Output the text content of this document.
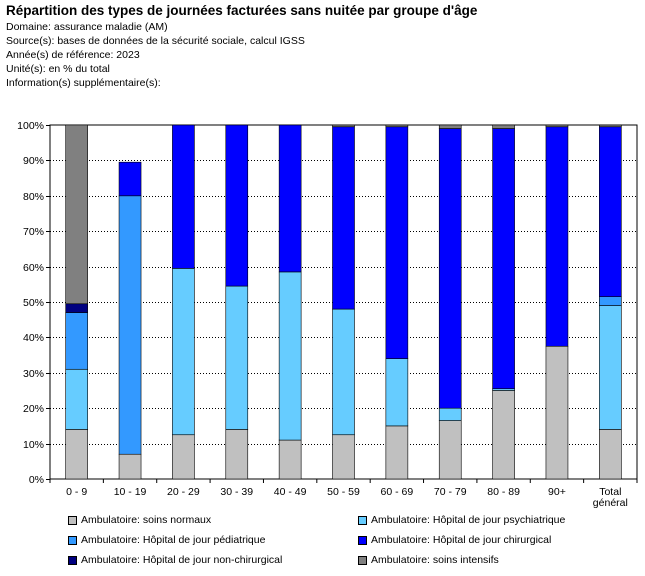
Répartition des types de journées facturées sans nuitée par groupe d'âge
Domaine: assurance maladie (AM)
Source(s): bases de données de la sécurité sociale, calcul IGSS
Année(s) de référence: 2023
Unité(s): en % du total
Information(s) supplémentaire(s):
0%
10%
20%
30%
40%
50%
60%
70%
80%
90%
100%
0 - 9	10 - 19 20 - 29 30 - 39 40 - 49 50 - 59 60 - 69 70 - 79 80 - 89	90+	Total général
Ambulatoire: soins normaux	Ambulatoire: Hôpital de jour psychiatrique
Ambulatoire: Hôpital de jour pédiatrique	Ambulatoire: Hôpital de jour chirurgical
Ambulatoire: Hôpital de jour non-chirurgical	Ambulatoire: soins intensifs
